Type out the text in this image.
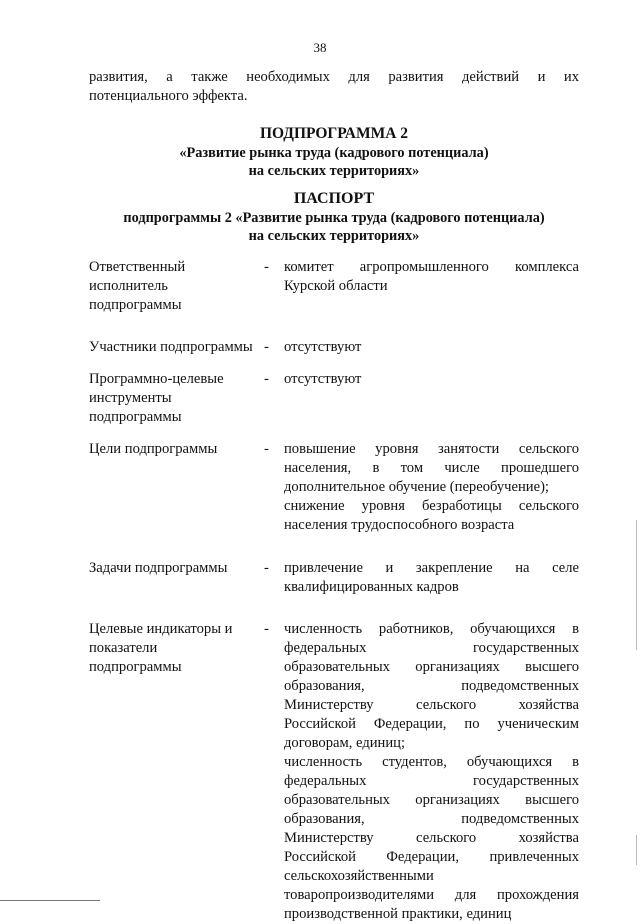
38
развития, а также необходимых для развития действий и их
потенциального эффекта.
ПОДПРОГРАММА 2
«Развитие рынка труда (кадрового потенциала)
на сельских территориях»
ПАСПОРТ
подпрограммы 2 «Развитие рынка труда (кадрового потенциала)
на сельских территориях»
Ответственный
исполнитель
подпрограммы
-	комитет агропромышленного комплекса
Курской области
Участники подпрограммы -	отсутствуют
Программно-целевые
инструменты
подпрограммы
-	отсутствуют
Цели подпрограммы	-	повышение уровня занятости сельского
населения, в том числе прошедшего
дополнительное обучение (переобучение);
снижение уровня безработицы сельского
населения трудоспособного возраста
Задачи подпрограммы	-	привлечение и закрепление на селе
квалифицированных кадров
Целевые индикаторы и
показатели
подпрограммы
-	численность работников, обучающихся в
федеральных государственных
образовательных организациях высшего
образования, подведомственных
Министерству сельского хозяйства
Российской Федерации, по ученическим
договорам, единиц;
численность студентов, обучающихся в
федеральных государственных
образовательных организациях высшего
образования, подведомственных
Министерству сельского хозяйства
Российской Федерации, привлеченных
сельскохозяйственными
товаропроизводителями для прохождения
производственной практики, единиц
